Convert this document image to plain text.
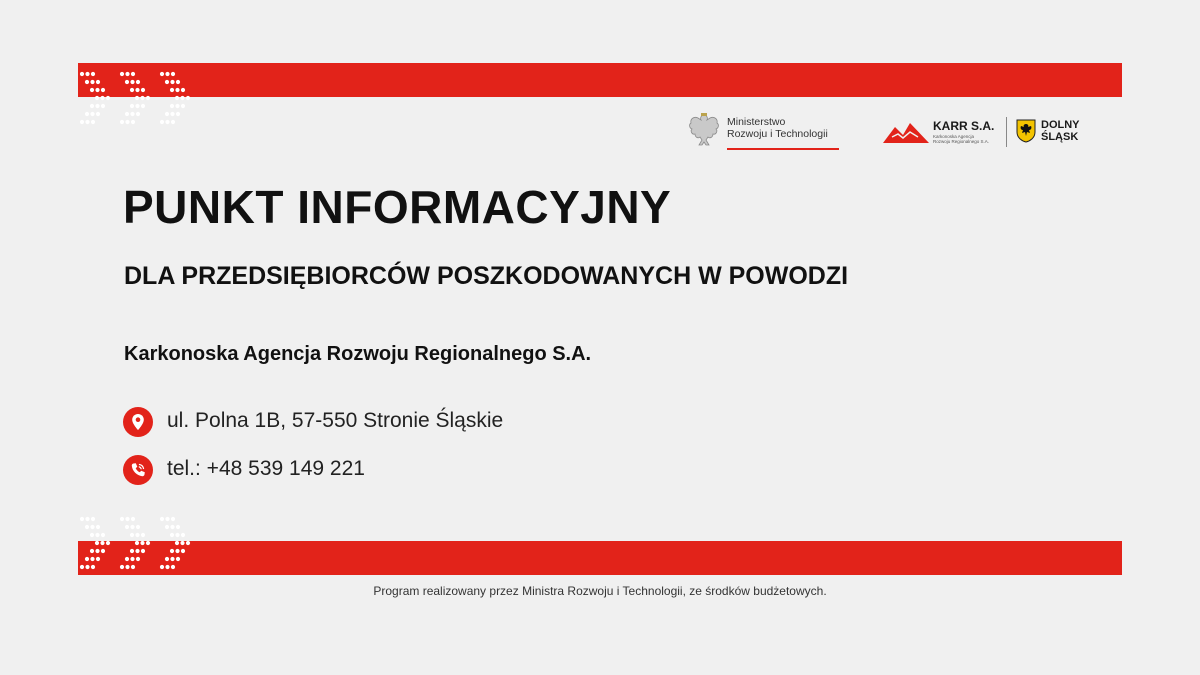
Ministerstwo
Rozwoju i Technologii
KARR S.A.
Karkonoska Agencja
Rozwoju Regionalnego S.A.
DOLNY
ŚLĄSK
PUNKT INFORMACYJNY
DLA PRZEDSIĘBIORCÓW POSZKODOWANYCH W POWODZI
Karkonoska Agencja Rozwoju Regionalnego S.A.
ul. Polna 1B, 57-550 Stronie Śląskie
tel.: +48 539 149 221
Program realizowany przez Ministra Rozwoju i Technologii, ze środków budżetowych.
